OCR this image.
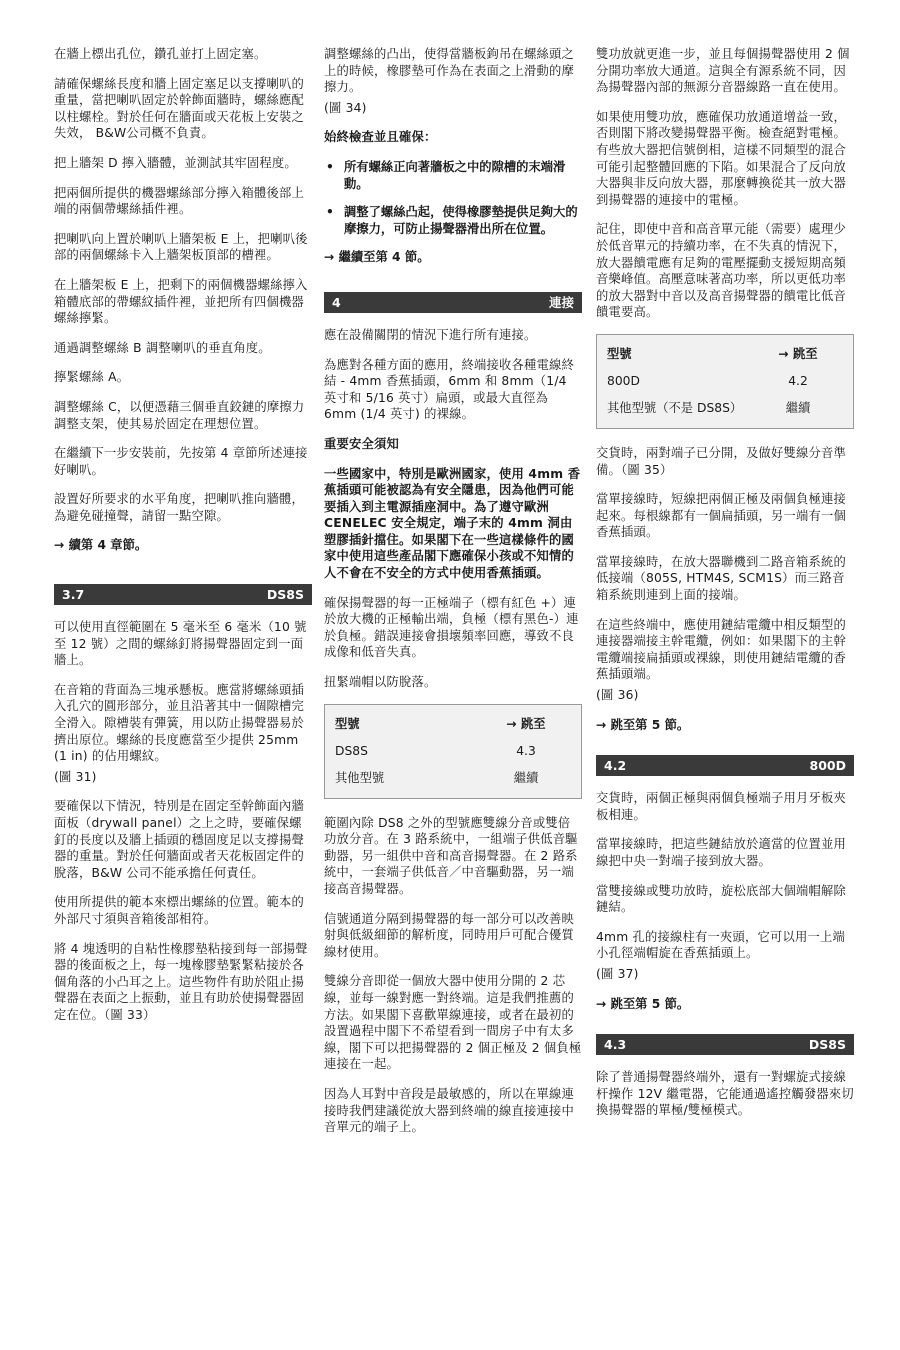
在牆上標出孔位，鑽孔並打上固定塞。

請確保螺絲長度和牆上固定塞足以支撐喇叭的重量，當把喇叭固定於幹飾面牆時，螺絲應配以柱螺栓。對於任何在牆面或天花板上安裝之失效， B&W公司概不負責。

把上牆架 D 擰入牆體，並測試其牢固程度。

把兩個所提供的機器螺絲部分擰入箱體後部上端的兩個帶螺絲插件裡。

把喇叭向上置於喇叭上牆架板 E 上，把喇叭後部的兩個螺絲卡入上牆架板頂部的槽裡。

在上牆架板 E 上，把剩下的兩個機器螺絲擰入箱體底部的帶螺紋插件裡，並把所有四個機器螺絲擰緊。

通過調整螺絲 B 調整喇叭的垂直角度。

擰緊螺絲 A。

調整螺絲 C，以便憑藉三個垂直鉸鏈的摩擦力調整支架，使其易於固定在理想位置。

在繼續下一步安裝前，先按第 4 章節所述連接好喇叭。

設置好所要求的水平角度，把喇叭推向牆體，為避免碰撞聲，請留一點空隙。

→ 續第 4 章節。
3.7	DS8S

可以使用直徑範圍在 5 毫米至 6 毫米（10 號至 12 號）之間的螺絲釘將揚聲器固定到一面牆上。

在音箱的背面為三塊承懸板。應當將螺絲頭插入孔穴的圓形部分，並且沿著其中一個隙槽完全滑入。隙槽裝有彈簧，用以防止揚聲器易於擠出原位。螺絲的長度應當至少提供 25mm (1 in) 的佔用螺紋。

(圖 31)

要確保以下情況，特別是在固定至幹飾面內牆面板（drywall panel）之上之時，要確保螺釘的長度以及牆上插頭的穩固度足以支撐揚聲器的重量。對於任何牆面或者天花板固定件的脫落，B&W 公司不能承擔任何責任。

使用所提供的範本來標出螺絲的位置。範本的外部尺寸須與音箱後部相符。

將 4 塊透明的自粘性橡膠墊粘接到每一部揚聲器的後面板之上，每一塊橡膠墊緊緊粘接於各個角落的小凸耳之上。這些物件有助於阻止揚聲器在表面之上振動，並且有助於使揚聲器固定在位。（圖 33）

調整螺絲的凸出，使得當牆板鉤吊在螺絲頭之上的時候，橡膠墊可作為在表面之上滑動的摩擦力。

(圖 34)

始終檢查並且確保：

• 所有螺絲正向著牆板之中的隙槽的末端滑動。
• 調整了螺絲凸起，使得橡膠墊提供足夠大的摩擦力，可防止揚聲器滑出所在位置。
→ 繼續至第 4 節。
4	連接

應在設備關閉的情況下進行所有連接。

為應對各種方面的應用，終端接收各種電線終結 - 4mm 香蕉插頭，6mm 和 8mm（1/4 英寸和 5/16 英寸）扁頭，或最大直徑為 6mm (1/4 英寸) 的裸線。

重要安全須知

一些國家中，特別是歐洲國家，使用 4mm 香蕉插頭可能被認為有安全隱患，因為他們可能要插入到主電源插座洞中。為了遵守歐洲 CENELEC 安全規定，端子末的 4mm 洞由塑膠插針擋住。如果閣下在一些這樣條件的國家中使用這些產品閣下應確保小孩或不知情的人不會在不安全的方式中使用香蕉插頭。

確保揚聲器的每一正極端子（標有紅色 +）連於放大機的正極輸出端，負極（標有黑色-）連於負極。錯誤連接會損壞頻率回應，導致不良成像和低音失真。

扭緊端帽以防脫落。

型號	→ 跳至
DS8S	4.3
其他型號	繼續

範圍內除 DS8 之外的型號應雙線分音或雙倍功放分音。在 3 路系統中，一組端子供低音驅動器，另一組供中音和高音揚聲器。在 2 路系統中，一套端子供低音／中音驅動器，另一端接高音揚聲器。

信號通道分隔到揚聲器的每一部分可以改善映射與低級細節的解析度，同時用戶可配合優質線材使用。

雙線分音即從一個放大器中使用分開的 2 芯線，並每一線對應一對終端。這是我們推薦的方法。如果閣下喜歡單線連接，或者在最初的設置過程中閣下不希望看到一間房子中有太多線，閣下可以把揚聲器的 2 個正極及 2 個負極連接在一起。

因為人耳對中音段是最敏感的，所以在單線連接時我們建議從放大器到終端的線直接連接中音單元的端子上。

雙功放就更進一步，並且每個揚聲器使用 2 個分開功率放大通道。這與全有源系統不同，因為揚聲器內部的無源分音器線路一直在使用。

如果使用雙功放，應確保功放通道增益一致，否則閣下將改變揚聲器平衡。檢查絕對電極。有些放大器把信號倒相，這樣不同類型的混合可能引起整體回應的下陷。如果混合了反向放大器與非反向放大器，那麼轉換從其一放大器到揚聲器的連接中的電極。

記住，即使中音和高音單元能（需要）處理少於低音單元的持續功率，在不失真的情況下，放大器饋電應有足夠的電壓擺動支援短期高頻音樂峰值。高壓意味著高功率，所以更低功率的放大器對中音以及高音揚聲器的饋電比低音饋電要高。

型號	→ 跳至
800D	4.2
其他型號（不是 DS8S）	繼續

交貨時，兩對端子已分開，及做好雙線分音準備。（圖 35）

當單接線時，短線把兩個正極及兩個負極連接起來。每根線都有一個扁插頭，另一端有一個香蕉插頭。

當單接線時，在放大器聯機到二路音箱系統的低接端（805S, HTM4S, SCM1S）而三路音箱系統則連到上面的接端。

在這些終端中，應使用鏈結電纜中相反類型的連接器端接主幹電纜，例如：如果閣下的主幹電纜端接扁插頭或裸線，則使用鏈結電纜的香蕉插頭端。

(圖 36)

→ 跳至第 5 節。
4.2	800D

交貨時，兩個正極與兩個負極端子用月牙板夾板相連。

當單接線時，把這些鏈結放於適當的位置並用線把中央一對端子接到放大器。

當雙接線或雙功放時，旋松底部大個端帽解除鏈結。

4mm 孔的接線柱有一夾頭，它可以用一上端小孔徑端帽旋在香蕉插頭上。

(圖 37)

→ 跳至第 5 節。
4.3	DS8S

除了普通揚聲器終端外，還有一對螺旋式接線杆操作 12V 繼電器，它能通過遙控觸發器來切換揚聲器的單極/雙極模式。
